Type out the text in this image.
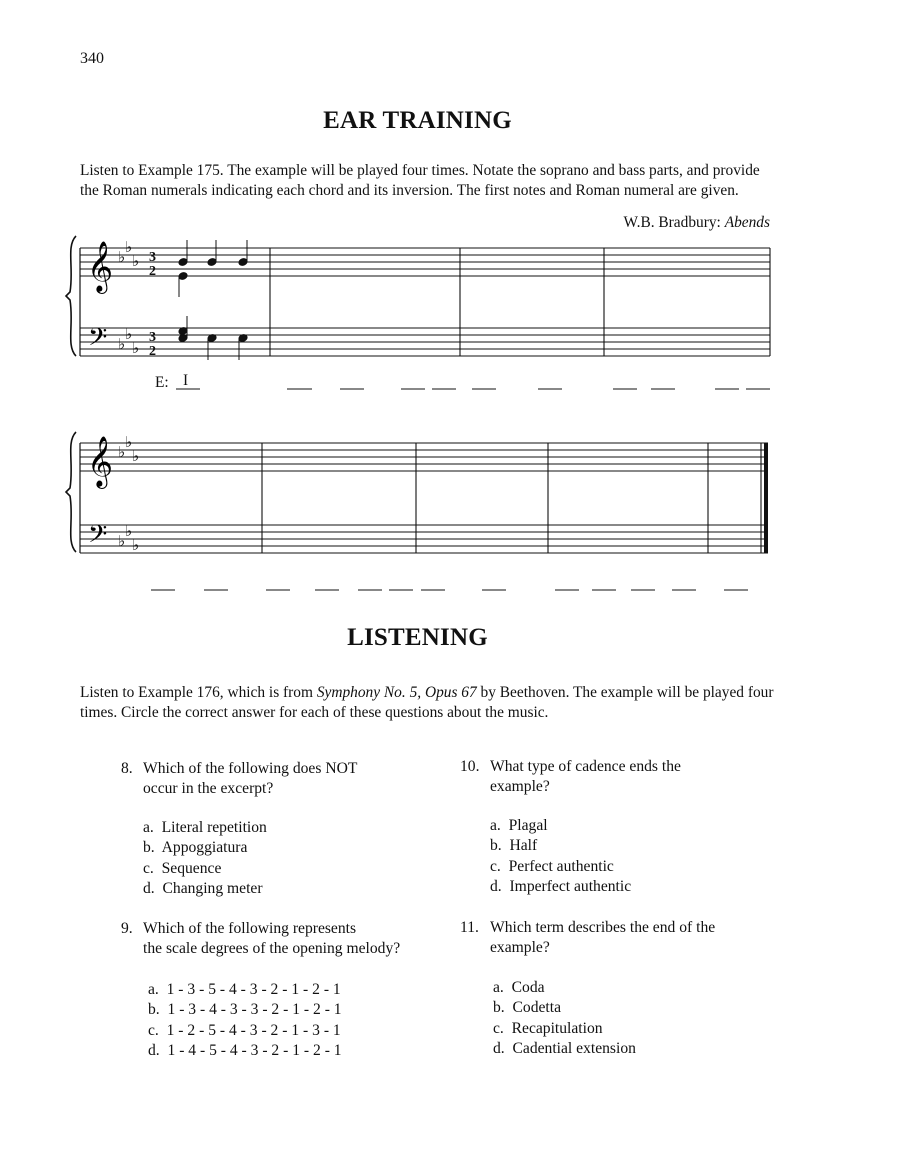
340
EAR TRAINING
Listen to Example 175. The example will be played four times. Notate the soprano and bass parts, and provide the Roman numerals indicating each chord and its inversion. The first notes and Roman numeral are given.
W.B. Bradbury: Abends
𝄞
𝄢
♭
♭
♭
♭
♭
♭
3
2
3
2
E: I
𝄞
𝄢
♭
♭
♭
♭
♭
♭
LISTENING
Listen to Example 176, which is from Symphony No. 5, Opus 67 by Beethoven. The example will be played four times. Circle the correct answer for each of these questions about the music.
8. Which of the following does NOT
occur in the excerpt?
a.  Literal repetition
b.  Appoggiatura
c.  Sequence
d.  Changing meter
9. Which of the following represents
the scale degrees of the opening melody?
a.  1 - 3 - 5 - 4 - 3 - 2 - 1 - 2 - 1
b.  1 - 3 - 4 - 3 - 3 - 2 - 1 - 2 - 1
c.  1 - 2 - 5 - 4 - 3 - 2 - 1 - 3 - 1
d.  1 - 4 - 5 - 4 - 3 - 2 - 1 - 2 - 1
10. What type of cadence ends the
example?
a.  Plagal
b.  Half
c.  Perfect authentic
d.  Imperfect authentic
11. Which term describes the end of the
example?
a.  Coda
b.  Codetta
c.  Recapitulation
d.  Cadential extension
